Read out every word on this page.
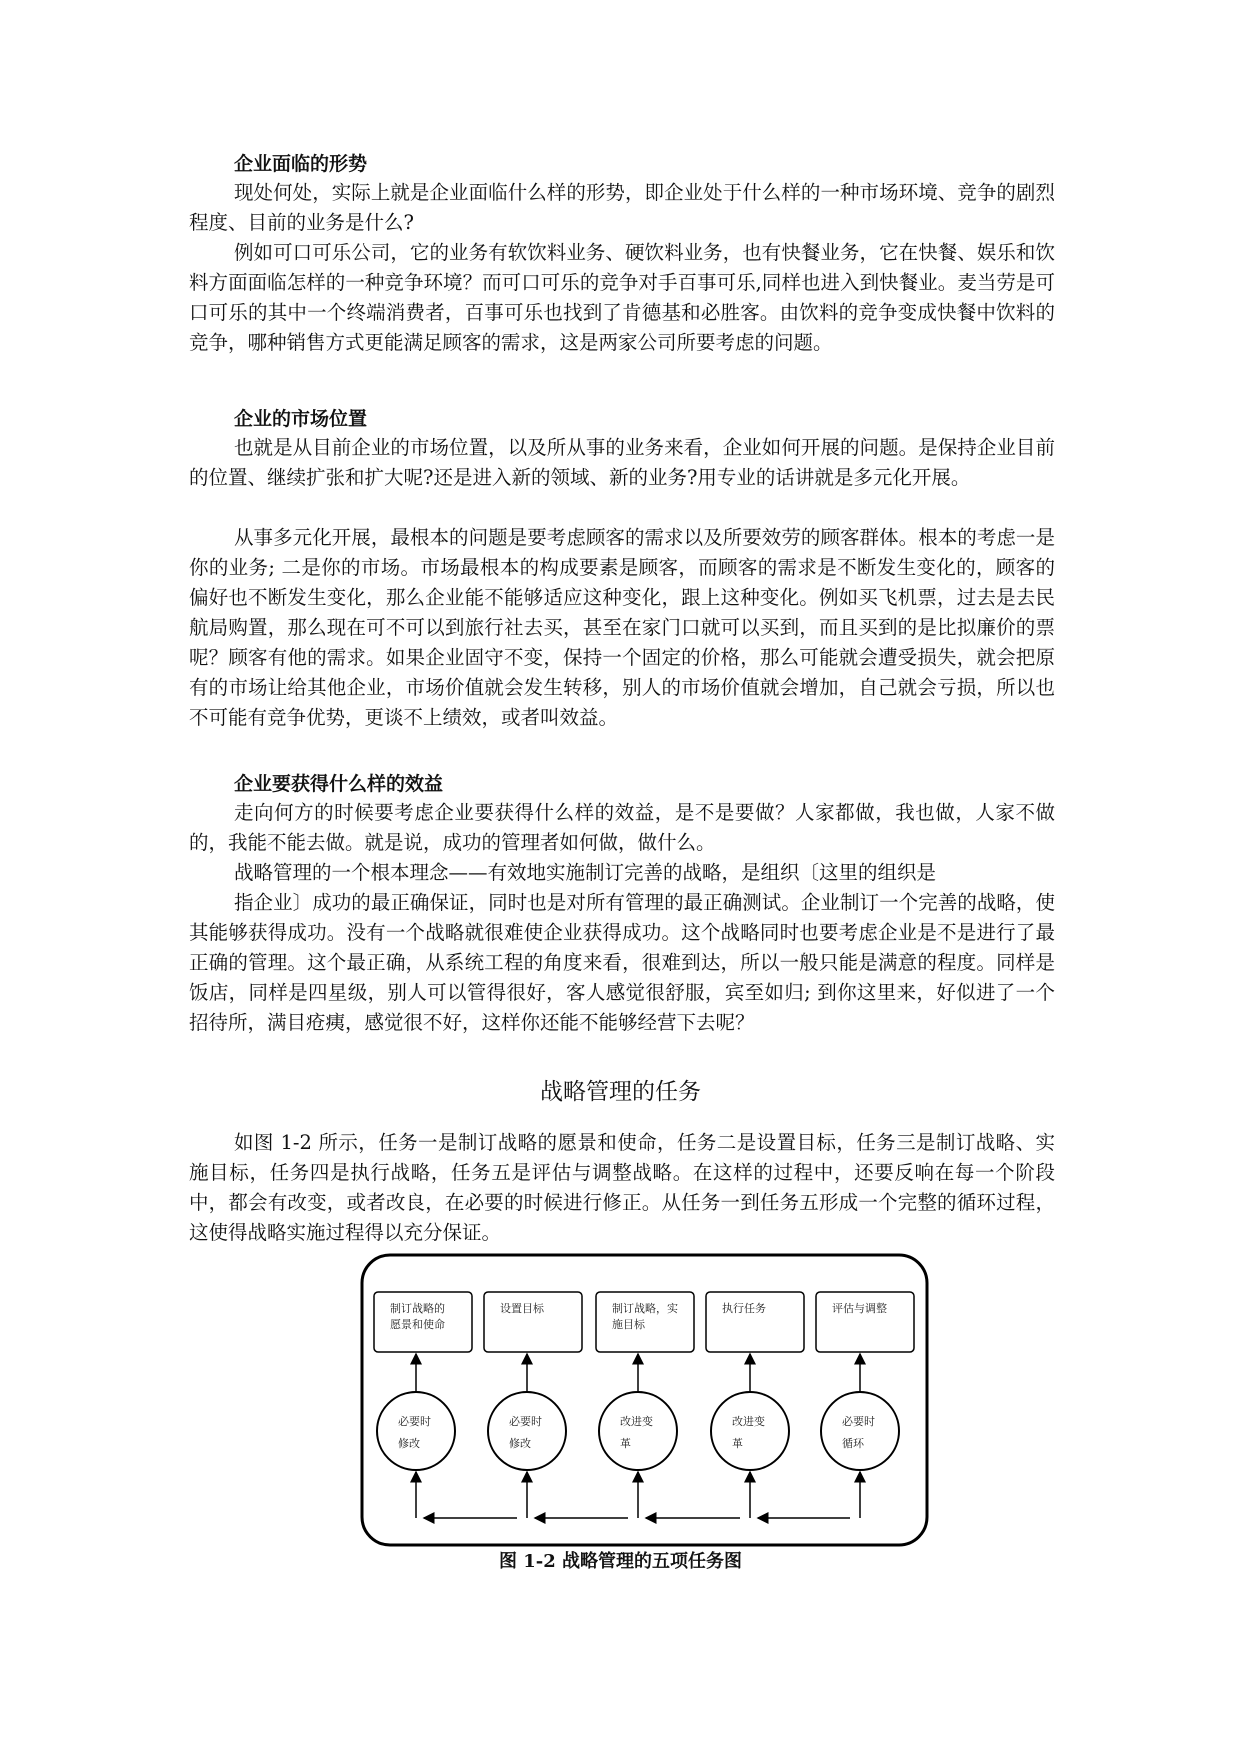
企业面临的形势

现处何处，实际上就是企业面临什么样的形势，即企业处于什么样的一种市场环境、竞争的剧烈程度、目前的业务是什么?

例如可口可乐公司，它的业务有软饮料业务、硬饮料业务，也有快餐业务，它在快餐、娱乐和饮料方面面临怎样的一种竞争环境？而可口可乐的竞争对手百事可乐,同样也进入到快餐业。麦当劳是可口可乐的其中一个终端消费者，百事可乐也找到了肯德基和必胜客。由饮料的竞争变成快餐中饮料的竞争，哪种销售方式更能满足顾客的需求，这是两家公司所要考虑的问题。

企业的市场位置

也就是从目前企业的市场位置，以及所从事的业务来看，企业如何开展的问题。是保持企业目前的位置、继续扩张和扩大呢?还是进入新的领域、新的业务?用专业的话讲就是多元化开展。

从事多元化开展，最根本的问题是要考虑顾客的需求以及所要效劳的顾客群体。根本的考虑一是你的业务; 二是你的市场。市场最根本的构成要素是顾客，而顾客的需求是不断发生变化的，顾客的偏好也不断发生变化，那么企业能不能够适应这种变化，跟上这种变化。例如买飞机票，过去是去民航局购置，那么现在可不可以到旅行社去买，甚至在家门口就可以买到，而且买到的是比拟廉价的票呢？顾客有他的需求。如果企业固守不变，保持一个固定的价格，那么可能就会遭受损失，就会把原有的市场让给其他企业，市场价值就会发生转移，别人的市场价值就会增加，自己就会亏损，所以也不可能有竞争优势，更谈不上绩效，或者叫效益。

企业要获得什么样的效益

走向何方的时候要考虑企业要获得什么样的效益，是不是要做？人家都做，我也做，人家不做的，我能不能去做。就是说，成功的管理者如何做，做什么。

战略管理的一个根本理念——有效地实施制订完善的战略，是组织〔这里的组织是

指企业〕成功的最正确保证，同时也是对所有管理的最正确测试。企业制订一个完善的战略，使其能够获得成功。没有一个战略就很难使企业获得成功。这个战略同时也要考虑企业是不是进行了最正确的管理。这个最正确，从系统工程的角度来看，很难到达，所以一般只能是满意的程度。同样是饭店，同样是四星级，别人可以管得很好，客人感觉很舒服，宾至如归; 到你这里来，好似进了一个招待所，满目疮痍，感觉很不好，这样你还能不能够经营下去呢？

战略管理的任务

如图 1-2 所示，任务一是制订战略的愿景和使命，任务二是设置目标，任务三是制订战略、实施目标，任务四是执行战略，任务五是评估与调整战略。在这样的过程中，还要反响在每一个阶段中，都会有改变，或者改良，在必要的时候进行修正。从任务一到任务五形成一个完整的循环过程，这使得战略实施过程得以充分保证。

制订战略的
愿景和使命
设置目标	制订战略，实
施目标
执行任务	评估与调整
必要时
修改
必要时
修改
改进变
革
改进变
革
必要时
循环
图 1-2 战略管理的五项任务图
